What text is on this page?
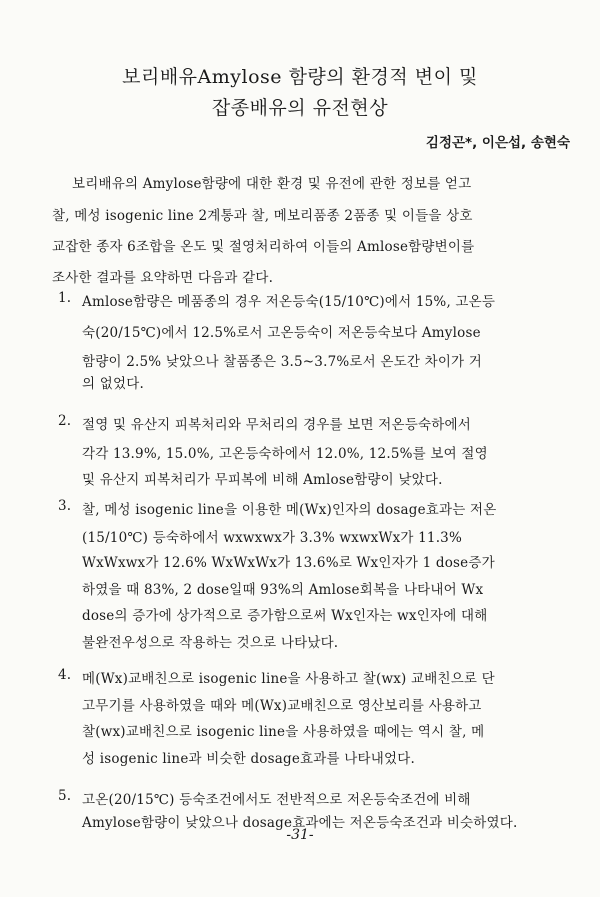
보리배유Amylose 함량의 환경적 변이 및
잡종배유의 유전현상
김정곤*, 이은섭, 송현숙
보리배유의 Amylose함량에 대한 환경 및 유전에 관한 정보를 얻고
찰, 메성 isogenic line 2계통과 찰, 메보리품종 2품종 및 이들을 상호
교잡한 종자 6조합을 온도 및 절영처리하여 이들의 Amlose함량변이를
조사한 결과를 요약하면 다음과 같다.
1. Amlose함량은 메품종의 경우 저온등숙(15/10℃)에서 15%, 고온등
숙(20/15℃)에서 12.5%로서 고온등숙이 저온등숙보다 Amylose
함량이 2.5% 낮았으나 찰품종은 3.5~3.7%로서 온도간 차이가 거
의 없었다.
2. 절영 및 유산지 피복처리와 무처리의 경우를 보면 저온등숙하에서
각각 13.9%, 15.0%, 고온등숙하에서 12.0%, 12.5%를 보여 절영
및 유산지 피복처리가 무피복에 비해 Amlose함량이 낮았다.
3. 찰, 메성 isogenic line을 이용한 메(Wx)인자의 dosage효과는 저온
(15/10℃) 등숙하에서 wxwxwx가 3.3% wxwxWx가 11.3%
WxWxwx가 12.6% WxWxWx가 13.6%로 Wx인자가 1 dose증가
하였을 때 83%, 2 dose일때 93%의 Amlose회복을 나타내어 Wx
dose의 증가에 상가적으로 증가함으로써 Wx인자는 wx인자에 대해
불완전우성으로 작용하는 것으로 나타났다.
4. 메(Wx)교배친으로 isogenic line을 사용하고 찰(wx) 교배친으로 단
고무기를 사용하였을 때와 메(Wx)교배친으로 영산보리를 사용하고
찰(wx)교배친으로 isogenic line을 사용하였을 때에는 역시 찰, 메
성 isogenic line과 비슷한 dosage효과를 나타내었다.
5. 고온(20/15℃) 등숙조건에서도 전반적으로 저온등숙조건에 비해
Amylose함량이 낮았으나 dosage효과에는 저온등숙조건과 비슷하였다.
-31-
